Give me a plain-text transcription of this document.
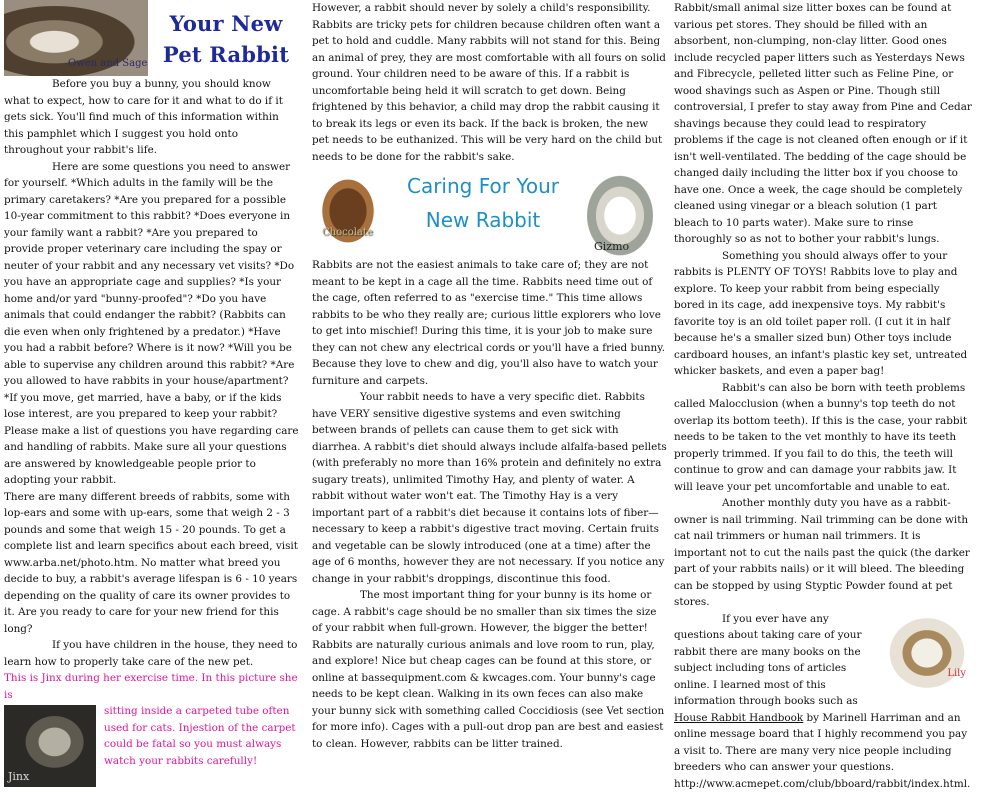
Owen and Sage
Your New Pet Rabbit

Before you buy a bunny, you should know what to expect, how to care for it and what to do if it gets sick. You'll find much of this information within this pamphlet which I suggest you hold onto throughout your rabbit's life.

Here are some questions you need to answer for yourself. *Which adults in the family will be the primary caretakers? *Are you prepared for a possible 10-year commitment to this rabbit? *Does everyone in your family want a rabbit? *Are you prepared to provide proper veterinary care including the spay or neuter of your rabbit and any necessary vet visits? *Do you have an appropriate cage and supplies? *Is your home and/or yard "bunny-proofed"? *Do you have animals that could endanger the rabbit? (Rabbits can die even when only frightened by a predator.) *Have you had a rabbit before? Where is it now? *Will you be able to supervise any children around this rabbit? *Are you allowed to have rabbits in your house/apartment? *If you move, get married, have a baby, or if the kids lose interest, are you prepared to keep your rabbit? Please make a list of questions you have regarding care and handling of rabbits. Make sure all your questions are answered by knowledgeable people prior to adopting your rabbit.

There are many different breeds of rabbits, some with lop-ears and some with up-ears, some that weigh 2 - 3 pounds and some that weigh 15 - 20 pounds. To get a complete list and learn specifics about each breed, visit www.arba.net/photo.htm. No matter what breed you decide to buy, a rabbit's average lifespan is 6 - 10 years depending on the quality of care its owner provides to it. Are you ready to care for your new friend for this long?

If you have children in the house, they need to learn how to properly take care of the new pet.

This is Jinx during her exercise time. In this picture she is

Jinx

sitting inside a carpeted tube often used for cats. Injestion of the carpet could be fatal so you must always watch your rabbits carefully!

However, a rabbit should never by solely a child's responsibility. Rabbits are tricky pets for children because children often want a pet to hold and cuddle. Many rabbits will not stand for this. Being an animal of prey, they are most comfortable with all fours on solid ground. Your children need to be aware of this. If a rabbit is uncomfortable being held it will scratch to get down. Being frightened by this behavior, a child may drop the rabbit causing it to break its legs or even its back. If the back is broken, the new pet needs to be euthanized. This will be very hard on the child but needs to be done for the rabbit's sake.

Chocolate
Gizmo
Caring For Your New Rabbit

Rabbits are not the easiest animals to take care of; they are not meant to be kept in a cage all the time. Rabbits need time out of the cage, often referred to as "exercise time." This time allows rabbits to be who they really are; curious little explorers who love to get into mischief! During this time, it is your job to make sure they can not chew any electrical cords or you'll have a fried bunny. Because they love to chew and dig, you'll also have to watch your furniture and carpets.

Your rabbit needs to have a very specific diet. Rabbits have VERY sensitive digestive systems and even switching between brands of pellets can cause them to get sick with diarrhea. A rabbit's diet should always include alfalfa-based pellets (with preferably no more than 16% protein and definitely no extra sugary treats), unlimited Timothy Hay, and plenty of water. A rabbit without water won't eat. The Timothy Hay is a very important part of a rabbit's diet because it contains lots of fiber—necessary to keep a rabbit's digestive tract moving. Certain fruits and vegetable can be slowly introduced (one at a time) after the age of 6 months, however they are not necessary. If you notice any change in your rabbit's droppings, discontinue this food.

The most important thing for your bunny is its home or cage. A rabbit's cage should be no smaller than six times the size of your rabbit when full-grown. However, the bigger the better! Rabbits are naturally curious animals and love room to run, play, and explore! Nice but cheap cages can be found at this store, or online at bassequipment.com & kwcages.com. Your bunny's cage needs to be kept clean. Walking in its own feces can also make your bunny sick with something called Coccidiosis (see Vet section for more info). Cages with a pull-out drop pan are best and easiest to clean. However, rabbits can be litter trained.

Rabbit/small animal size litter boxes can be found at various pet stores. They should be filled with an absorbent, non-clumping, non-clay litter. Good ones include recycled paper litters such as Yesterdays News and Fibrecycle, pelleted litter such as Feline Pine, or wood shavings such as Aspen or Pine. Though still controversial, I prefer to stay away from Pine and Cedar shavings because they could lead to respiratory problems if the cage is not cleaned often enough or if it isn't well-ventilated. The bedding of the cage should be changed daily including the litter box if you choose to have one. Once a week, the cage should be completely cleaned using vinegar or a bleach solution (1 part bleach to 10 parts water). Make sure to rinse thoroughly so as not to bother your rabbit's lungs.

Something you should always offer to your rabbits is PLENTY OF TOYS! Rabbits love to play and explore. To keep your rabbit from being especially bored in its cage, add inexpensive toys. My rabbit's favorite toy is an old toilet paper roll. (I cut it in half because he's a smaller sized bun) Other toys include cardboard houses, an infant's plastic key set, untreated whicker baskets, and even a paper bag!

Rabbit's can also be born with teeth problems called Malocclusion (when a bunny's top teeth do not overlap its bottom teeth). If this is the case, your rabbit needs to be taken to the vet monthly to have its teeth properly trimmed. If you fail to do this, the teeth will continue to grow and can damage your rabbits jaw. It will leave your pet uncomfortable and unable to eat.

Another monthly duty you have as a rabbit-owner is nail trimming. Nail trimming can be done with cat nail trimmers or human nail trimmers. It is important not to cut the nails past the quick (the darker part of your rabbits nails) or it will bleed. The bleeding can be stopped by using Styptic Powder found at pet stores.

Lily

If you ever have any questions about taking care of your rabbit there are many books on the subject including tons of articles online. I learned most of this information through books such as House Rabbit Handbook by Marinell Harriman and an online message board that I highly recommend you pay a visit to. There are many very nice people including breeders who can answer your questions. http://www.acmepet.com/club/bboard/rabbit/index.html.
